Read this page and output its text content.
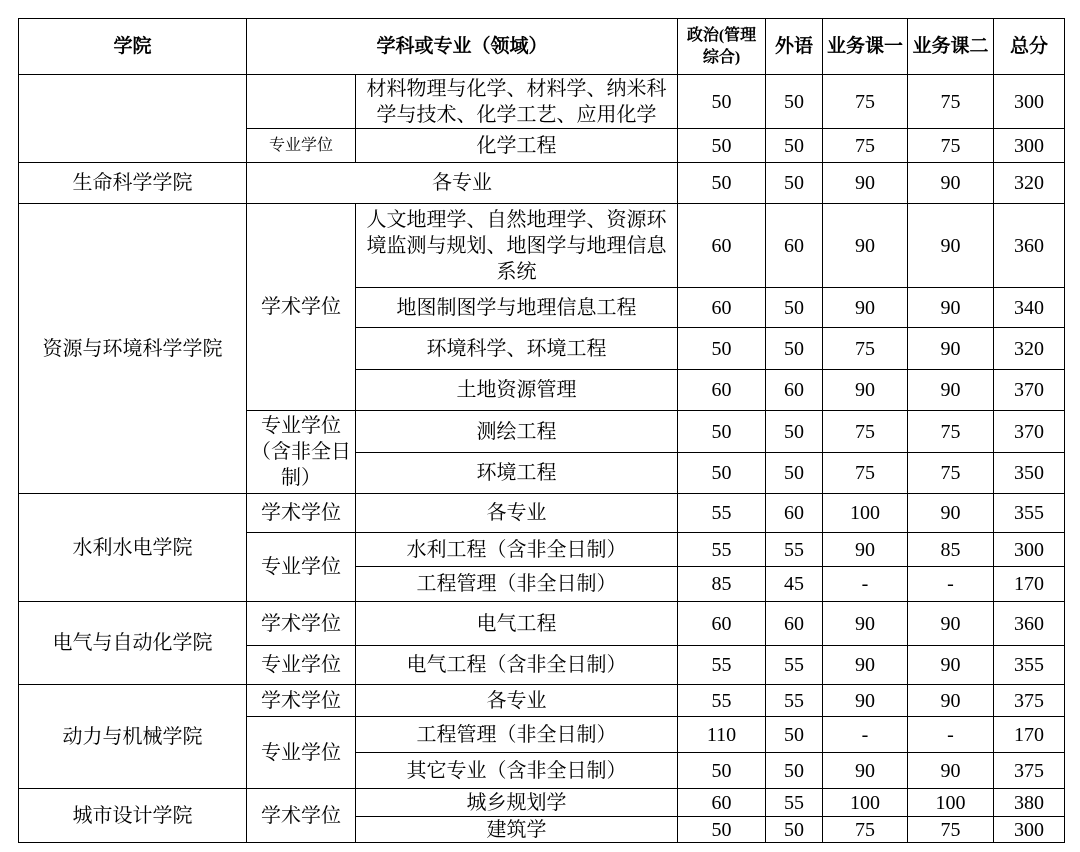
学院	学科或专业（领域）		政治(管理综合)	外语	业务课一	业务课二	总分
		材料物理与化学、材料学、纳米科学与技术、化学工艺、应用化学	50	50	75	75	300
	专业学位	化学工程	50	50	75	75	300
生命科学学院	各专业		50	50	90	90	320
资源与环境科学学院	学术学位	人文地理学、自然地理学、资源环境监测与规划、地图学与地理信息系统	60	60	90	90	360
		地图制图学与地理信息工程	60	50	90	90	340
		环境科学、环境工程	50	50	75	90	320
		土地资源管理	60	60	90	90	370
	专业学位（含非全日制）	测绘工程	50	50	75	75	370
		环境工程	50	50	75	75	350
水利水电学院	学术学位	各专业	55	60	100	90	355
	专业学位	水利工程（含非全日制）	55	55	90	85	300
		工程管理（非全日制）	85	45	-	-	170
电气与自动化学院	学术学位	电气工程	60	60	90	90	360
	专业学位	电气工程（含非全日制）	55	55	90	90	355
动力与机械学院	学术学位	各专业	55	55	90	90	375
	专业学位	工程管理（非全日制）	110	50	-	-	170
		其它专业（含非全日制）	50	50	90	90	375
城市设计学院	学术学位	城乡规划学	60	55	100	100	380
		建筑学	50	50	75	75	300
